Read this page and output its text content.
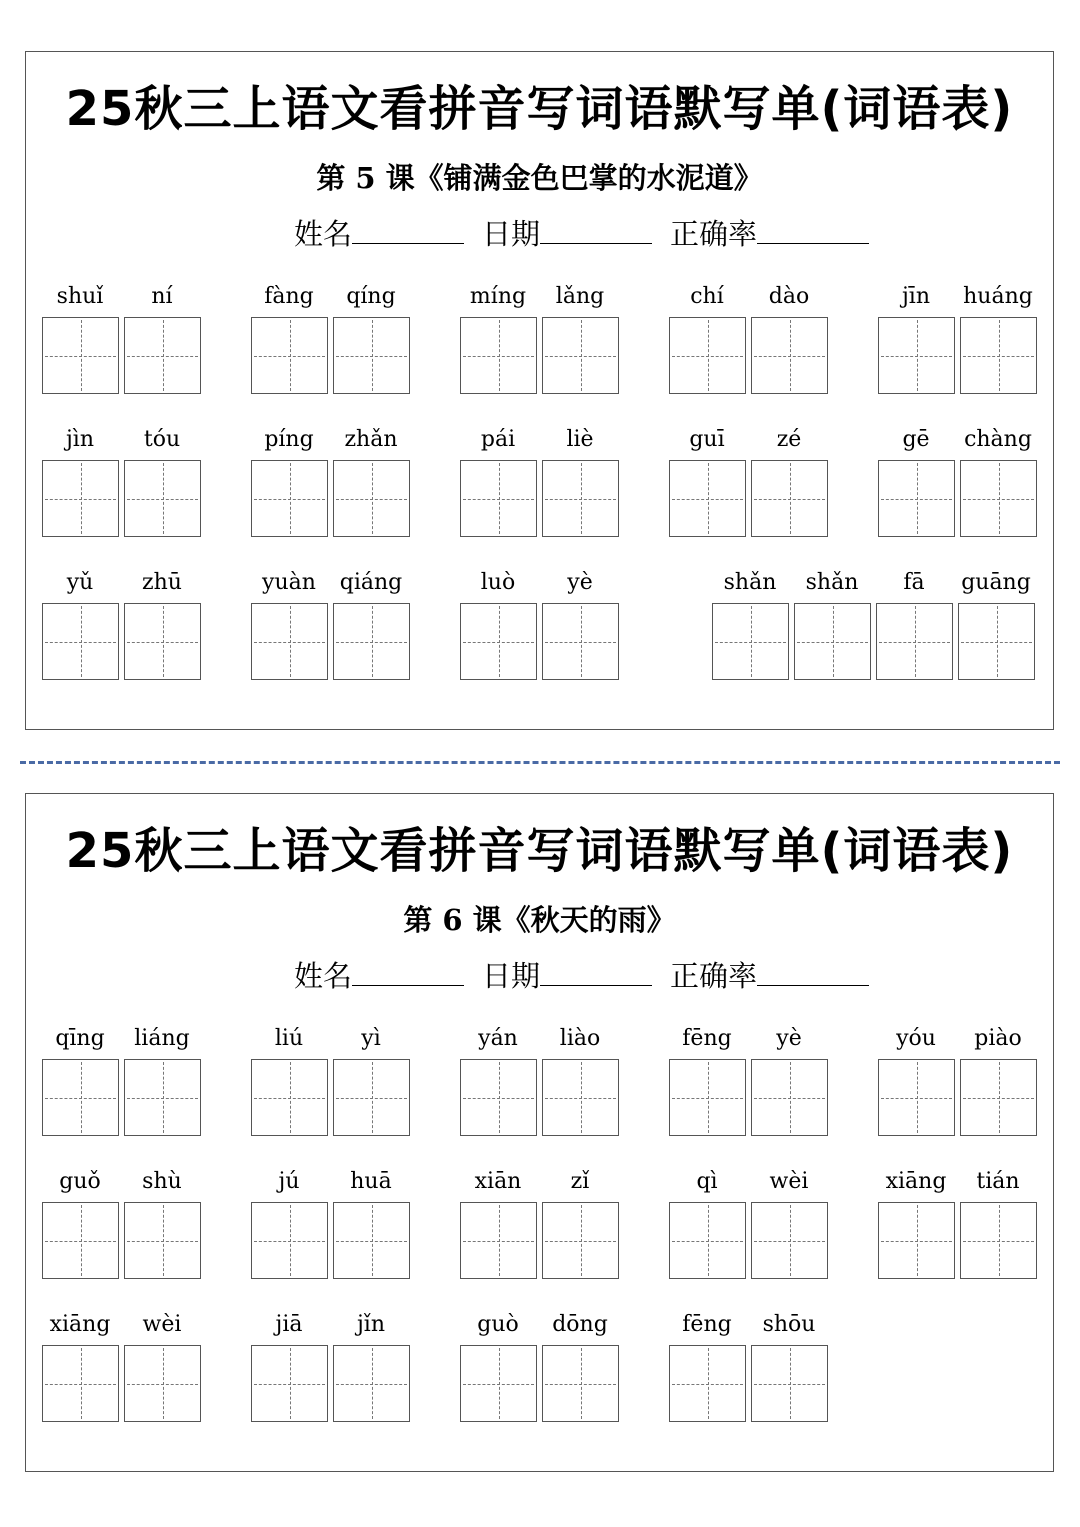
25秋三上语文看拼音写词语默写单(词语表)
第 5 课《铺满金色巴掌的水泥道》
姓名	日期	正确率
shuǐ	ní	fàng	qíng	míng	lǎng	chí	dào	jīn	huáng
jìn	tóu	píng	zhǎn	pái	liè	guī	zé	gē	chàng
yǔ	zhū	yuàn	qiáng	luò	yè	shǎn	shǎn	fā	guāng
25秋三上语文看拼音写词语默写单(词语表)
第 6 课《秋天的雨》
姓名	日期	正确率
qīng	liáng	liú	yì	yán	liào	fēng	yè	yóu	piào
guǒ	shù	jú	huā	xiān	zǐ	qì	wèi	xiāng	tián
xiāng	wèi	jiā	jǐn	guò	dōng	fēng	shōu
